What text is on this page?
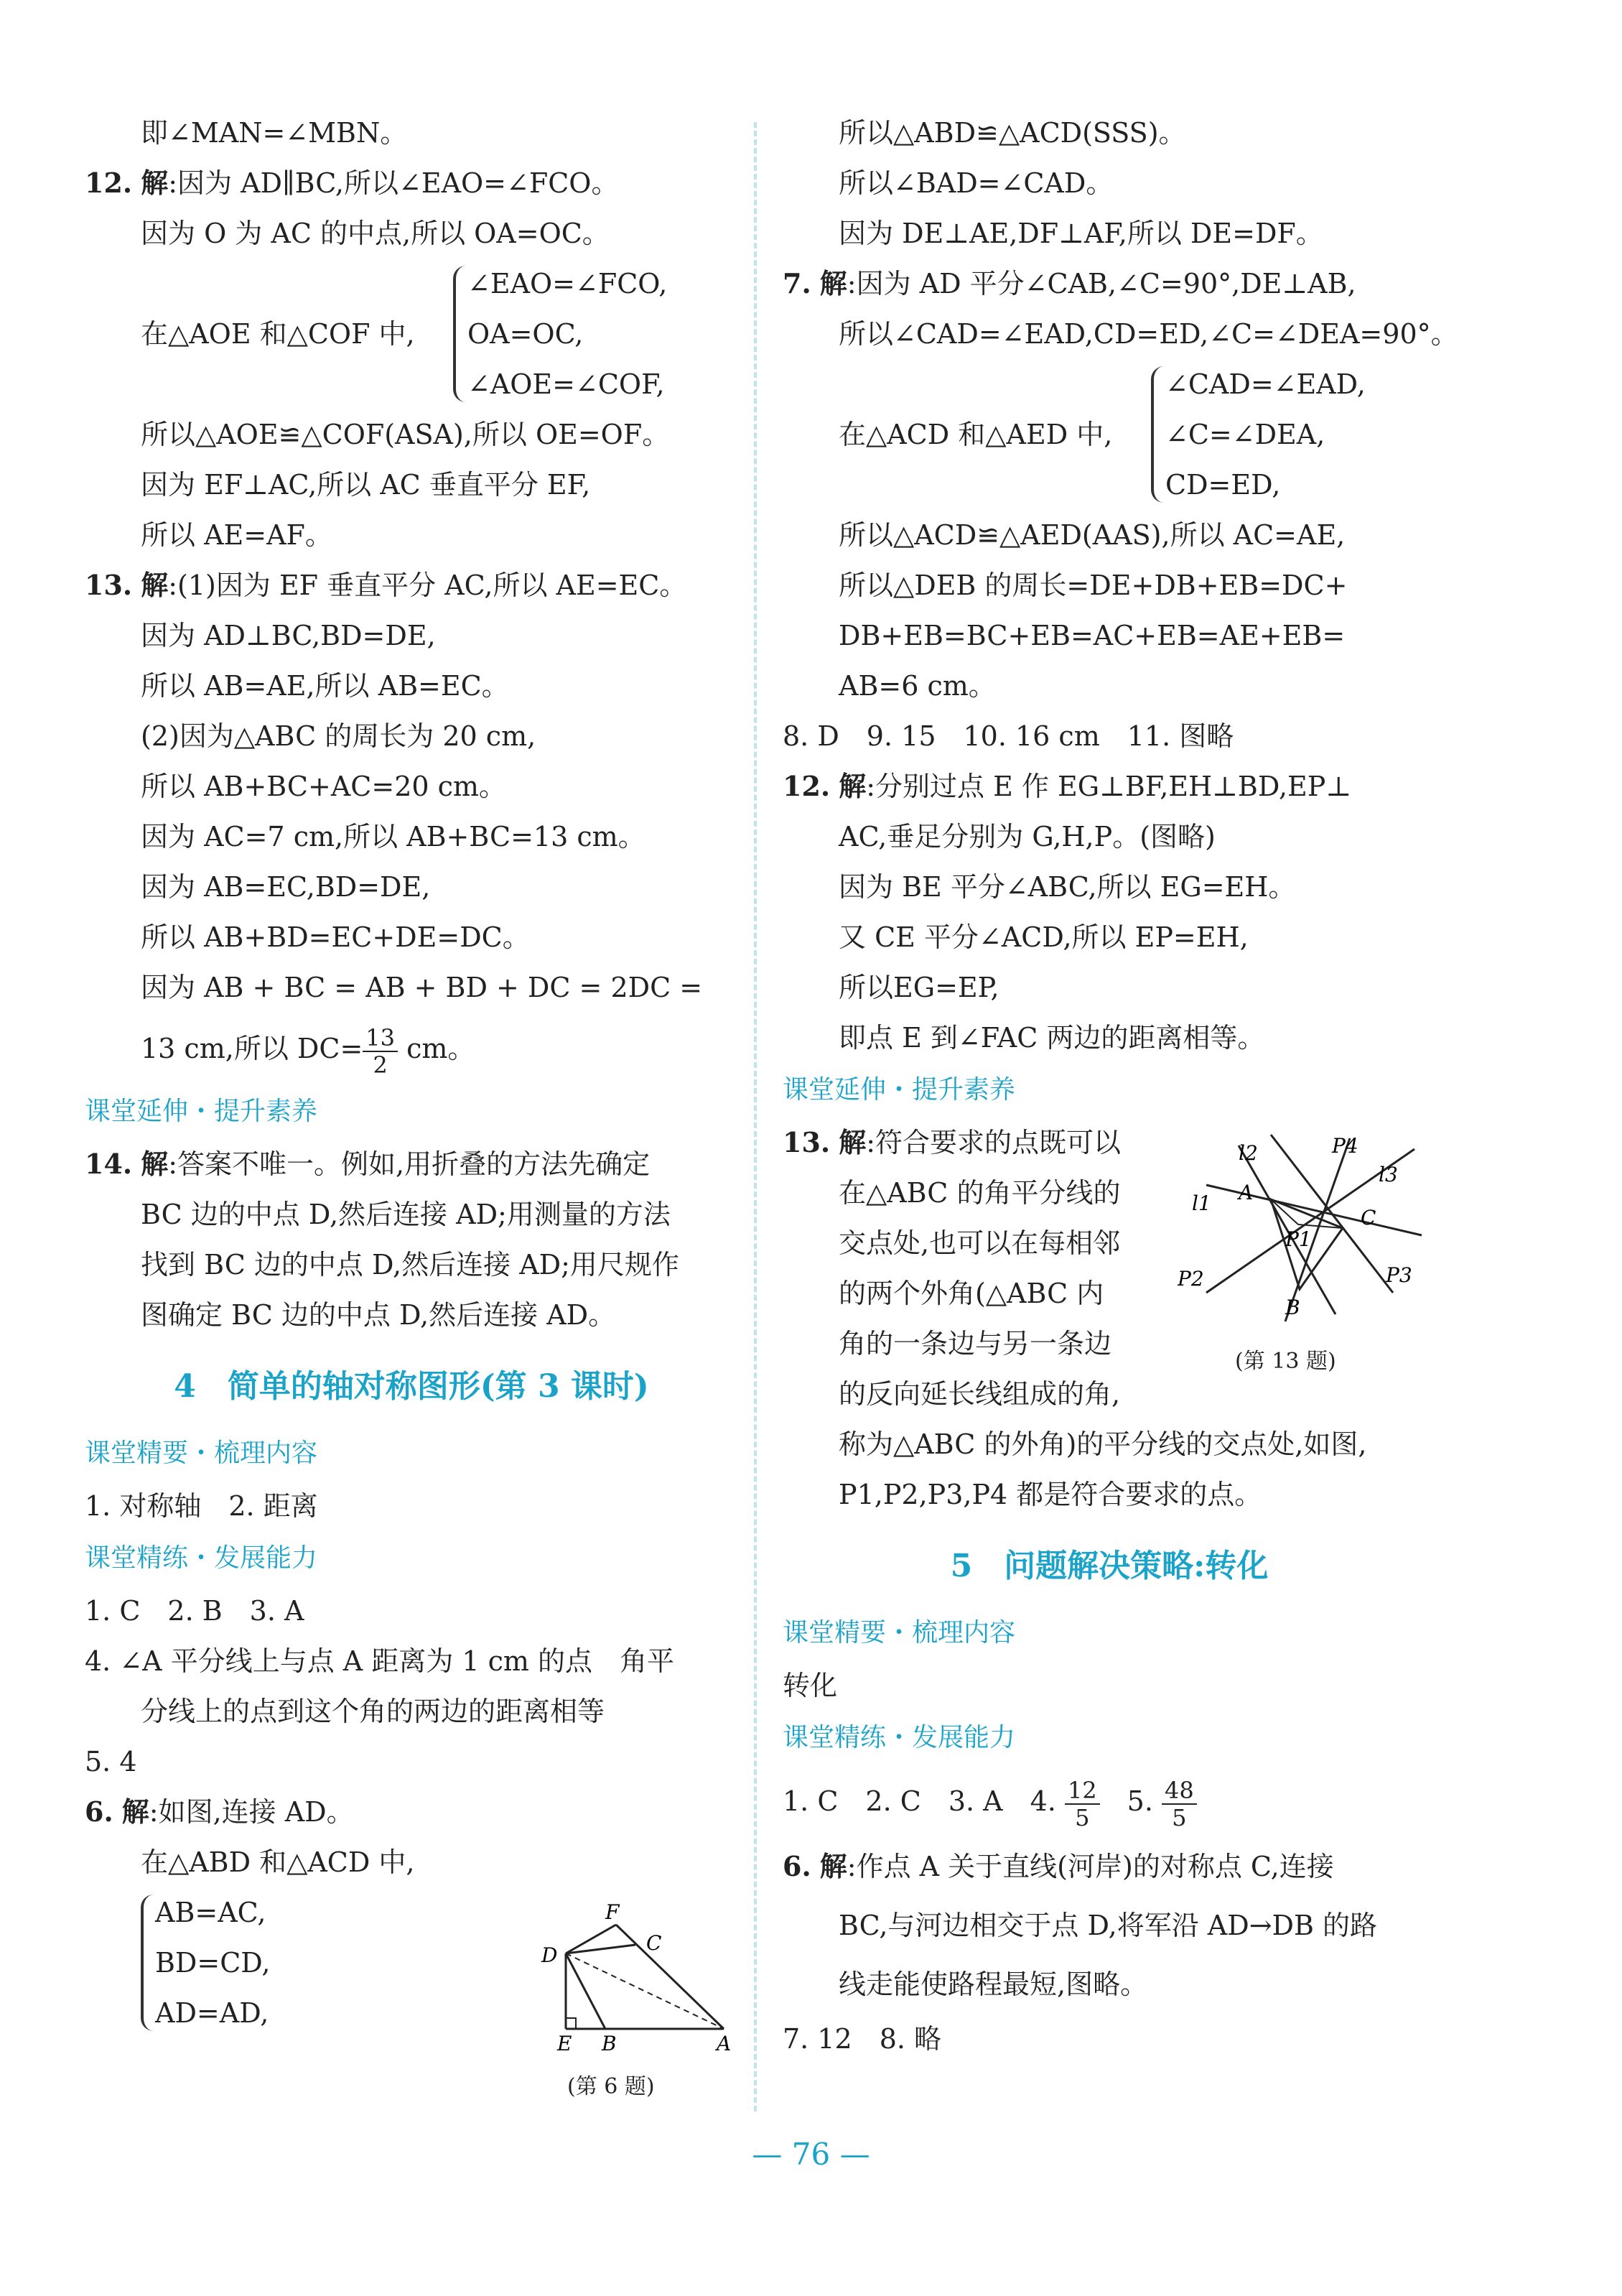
即∠MAN=∠MBN。
12. 解:因为 AD∥BC,所以∠EAO=∠FCO。
因为 O 为 AC 的中点,所以 OA=OC。
在△AOE 和△COF 中,
∠EAO=∠FCO,
OA=OC,
∠AOE=∠COF,
所以△AOE≌△COF(ASA),所以 OE=OF。
因为 EF⊥AC,所以 AC 垂直平分 EF,
所以 AE=AF。
13. 解:(1)因为 EF 垂直平分 AC,所以 AE=EC。
因为 AD⊥BC,BD=DE,
所以 AB=AE,所以 AB=EC。
(2)因为△ABC 的周长为 20 cm,
所以 AB+BC+AC=20 cm。
因为 AC=7 cm,所以 AB+BC=13 cm。
因为 AB=EC,BD=DE,
所以 AB+BD=EC+DE=DC。
因为 AB + BC = AB + BD + DC = 2DC =
13 cm,所以 $DC= \frac{13}{2}$ cm。
课堂延伸・提升素养
14. 解:答案不唯一。例如,用折叠的方法先确定
BC 边的中点 D,然后连接 AD;用测量的方法
找到 BC 边的中点 D,然后连接 AD;用尺规作
图确定 BC 边的中点 D,然后连接 AD。
4　简单的轴对称图形(第 3 课时)
课堂精要・梳理内容
1. 对称轴　2. 距离
课堂精练・发展能力
1. C　2. B　3. A
4. ∠A 平分线上与点 A 距离为 1 cm 的点　角平
分线上的点到这个角的两边的距离相等
5. 4
6. 解:如图,连接 AD。
在△ABD 和△ACD 中,
AB=AC,
BD=CD,
AD=AD,
F
D
C
E B	A
(第 6 题)
所以△ABD≌△ACD(SSS)。
所以∠BAD=∠CAD。
因为 DE⊥AE,DF⊥AF,所以 DE=DF。
7. 解:因为 AD 平分∠CAB,∠C=90°,DE⊥AB,
所以∠CAD=∠EAD,CD=ED,∠C=∠DEA=90°。
在△ACD 和△AED 中,
∠CAD=∠EAD,
∠C=∠DEA,
CD=ED,
所以△ACD≌△AED(AAS),所以 AC=AE,
所以△DEB 的周长=DE+DB+EB=DC+
DB+EB=BC+EB=AC+EB=AE+EB=
AB=6 cm。
8. D　9. 15　10. 16 cm　11. 图略
12. 解:分别过点 E 作 EG⊥BF,EH⊥BD,EP⊥
AC,垂足分别为 G,H,P。(图略)
因为 BE 平分∠ABC,所以 EG=EH。
又 CE 平分∠ACD,所以 EP=EH,
所以EG=EP,
即点 E 到∠FAC 两边的距离相等。
课堂延伸・提升素养
13. 解:符合要求的点既可以
在△ABC 的角平分线的
交点处,也可以在每相邻
的两个外角(△ABC 内
角的一条边与另一条边
的反向延长线组成的角,
称为△ABC 的外角)的平分线的交点处,如图,
P1,P2,P3,P4 都是符合要求的点。
5　问题解决策略:转化
课堂精要・梳理内容
转化
课堂精练・发展能力
1. C　2. C　3. A　4. $\frac{12}{5}$ 　5. $\frac{48}{5}$
6. 解:作点 A 关于直线(河岸)的对称点 C,连接
BC,与河边相交于点 D,将军沿 AD→DB 的路
线走能使路程最短,图略。
7. 12　8. 略
l2
l3
l1
P4
P1
P2	P3
A
C
B
(第 13 题)
— 76 —
